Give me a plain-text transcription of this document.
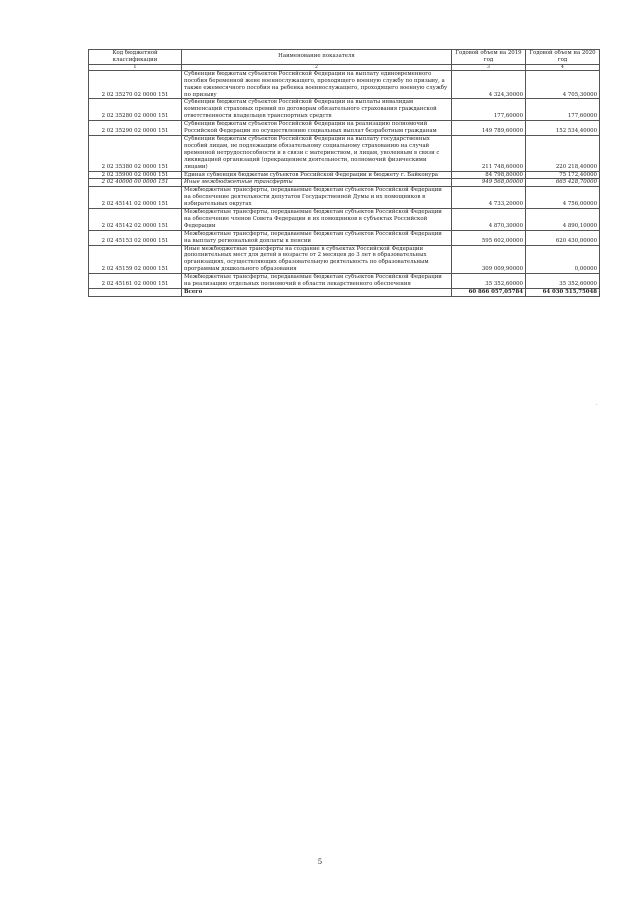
Код бюджетной классификации	Наименование показателя	Годовой объем на 2019 год	Годовой объем на 2020 год
1	2	3	4
2 02 35270 02 0000 151	Субвенции бюджетам субъектов Российской Федерации на выплату единовременного пособия беременной жене военнослужащего, проходящего военную службу по призыву, а также ежемесячного пособия на ребенка военнослужащего, проходящего военную службу по призыву	4 324,30000	4 705,30000
2 02 35280 02 0000 151	Субвенции бюджетам субъектов Российской Федерации на выплаты инвалидам компенсаций страховых премий по договорам обязательного страхования гражданской ответственности владельцев транспортных средств	177,60000	177,60000
2 02 35290 02 0000 151	Субвенции бюджетам субъектов Российской Федерации на реализацию полномочий Российской Федерации по осуществлению социальных выплат безработным гражданам	149 789,60000	152 534,40000
2 02 35380 02 0000 151	Субвенции бюджетам субъектов Российской Федерации на выплату государственных пособий лицам, не подлежащим обязательному социальному страхованию на случай временной нетрудоспособности и в связи с материнством, и лицам, уволенным в связи с ликвидацией организаций (прекращением деятельности, полномочий физическими лицами)	211 748,60000	220 218,40000
2 02 35900 02 0000 151	Единая субвенция бюджетам субъектов Российской Федерации и бюджету г. Байконура	84 798,80000	75 172,40000
2 02 40000 00 0000 151	Иные межбюджетные трансферты	949 568,00000	665 428,70000
2 02 45141 02 0000 151	Межбюджетные трансферты, передаваемые бюджетам субъектов Российской Федерации на обеспечение деятельности депутатов Государственной Думы и их помощников в избирательных округах	4 733,20000	4 756,00000
2 02 45142 02 0000 151	Межбюджетные трансферты, передаваемые бюджетам субъектов Российской Федерации на обеспечение членов Совета Федерации и их помощников в субъектах Российской Федерации	4 870,30000	4 890,10000
2 02 45153 02 0000 151	Межбюджетные трансферты, передаваемые бюджетам субъектов Российской Федерации на выплату региональной доплаты к пенсии	595 602,00000	620 430,00000
2 02 45159 02 0000 151	Иные межбюджетные трансферты на создание в субъектах Российской Федерации дополнительных мест для детей в возрасте от 2 месяцев до 3 лет в образовательных организациях, осуществляющих образовательную деятельность по образовательным программам дошкольного образования	309 009,90000	0,00000
2 02 45161 02 0000 151	Межбюджетные трансферты, передаваемые бюджетам субъектов Российской Федерации на реализацию отдельных полномочий в области лекарственного обеспечения	35 352,60000	35 352,60000
	Всего	60 866 057,05784	64 030 515,75048
·
5
